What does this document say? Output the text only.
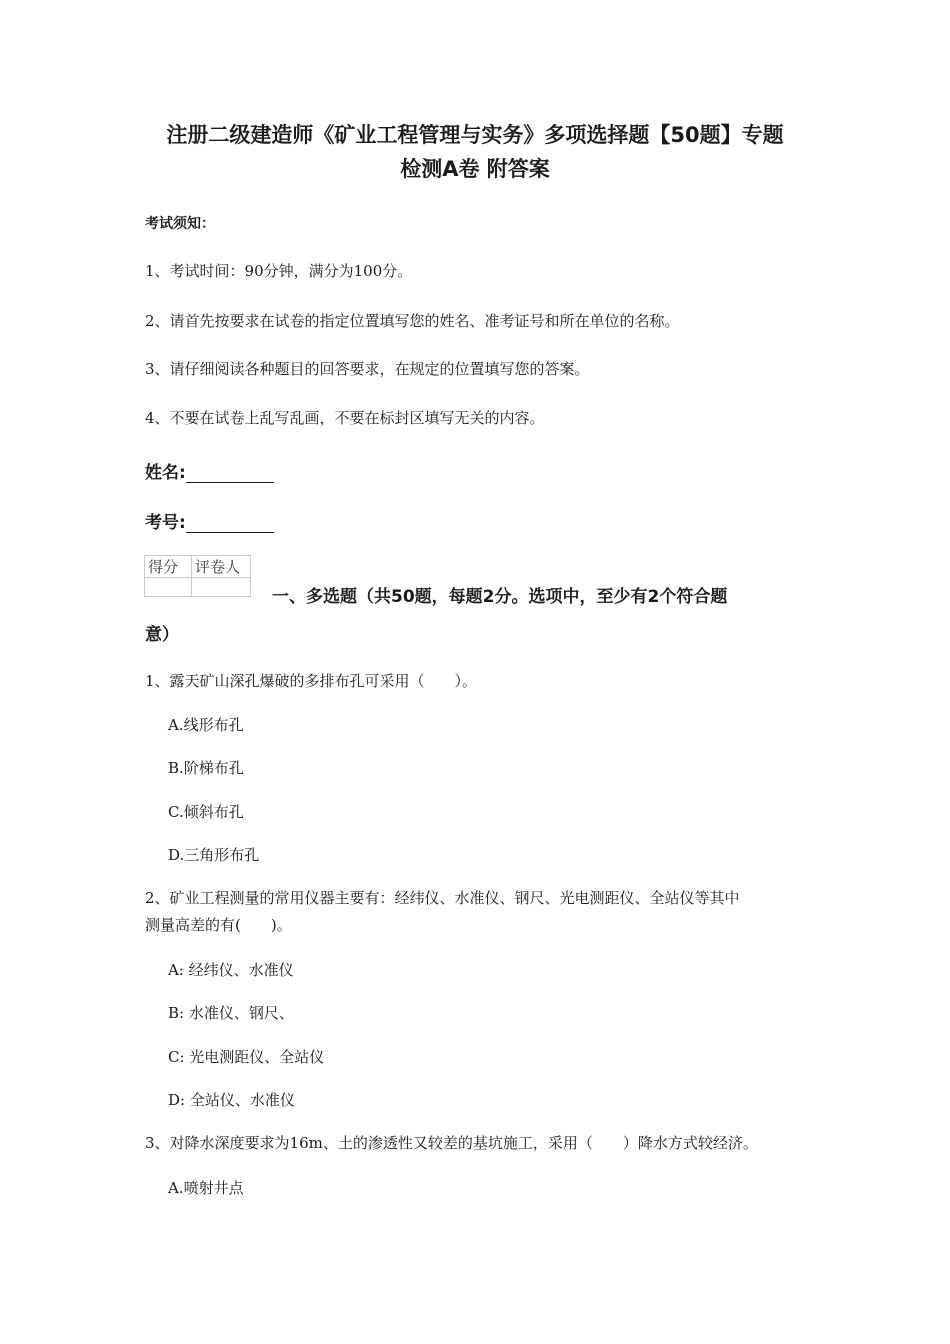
注册二级建造师《矿业工程管理与实务》多项选择题【50题】专题
检测A卷 附答案
考试须知：
1、考试时间：90分钟，满分为100分。
2、请首先按要求在试卷的指定位置填写您的姓名、准考证号和所在单位的名称。
3、请仔细阅读各种题目的回答要求，在规定的位置填写您的答案。
4、不要在试卷上乱写乱画，不要在标封区填写无关的内容。
姓名:
考号:
得分	评卷人

一、多选题（共50题，每题2分。选项中，至少有2个符合题
意）
1、露天矿山深孔爆破的多排布孔可采用（　　）。
A.线形布孔
B.阶梯布孔
C.倾斜布孔
D.三角形布孔
2、矿业工程测量的常用仪器主要有：经纬仪、水准仪、钢尺、光电测距仪、全站仪等其中
测量高差的有(　　)。
A: 经纬仪、水准仪
B: 水准仪、钢尺、
C: 光电测距仪、全站仪
D: 全站仪、水准仪
3、对降水深度要求为16m、土的渗透性又较差的基坑施工，采用（　　）降水方式较经济。
A.喷射井点
